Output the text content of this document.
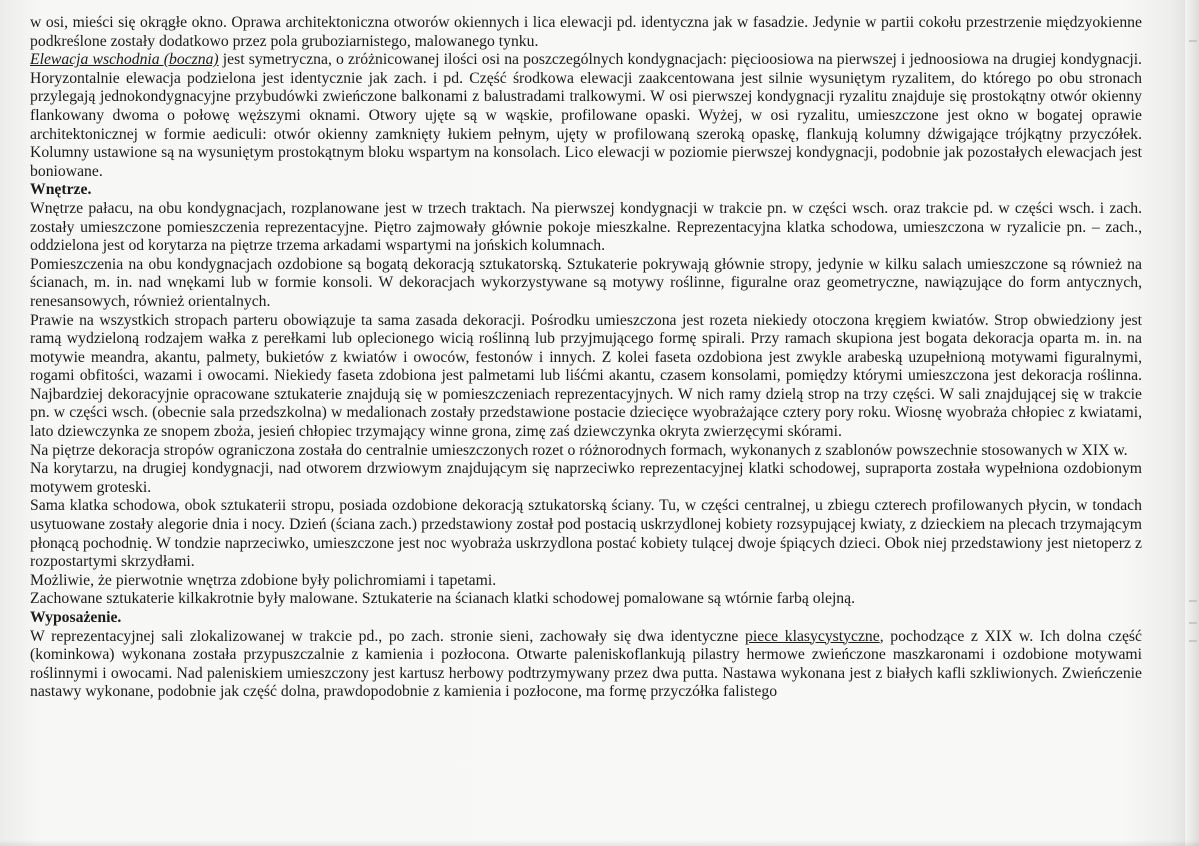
w osi, mieści się okrągłe okno. Oprawa architektoniczna otworów okiennych i lica elewacji pd. identyczna jak w fasadzie. Jedynie w partii cokołu przestrzenie międzyokienne podkreślone zostały dodatkowo przez pola gruboziarnistego, malowanego tynku.

Elewacja wschodnia (boczna) jest symetryczna, o zróżnicowanej ilości osi na poszczególnych kondygnacjach: pięcioosiowa na pierwszej i jednoosiowa na drugiej kondygnacji. Horyzontalnie elewacja podzielona jest identycznie jak zach. i pd. Część środkowa elewacji zaakcentowana jest silnie wysuniętym ryzalitem, do którego po obu stronach przylegają jednokondygnacyjne przybudówki zwieńczone balkonami z balustradami tralkowymi. W osi pierwszej kondygnacji ryzalitu znajduje się prostokątny otwór okienny flankowany dwoma o połowę węższymi oknami. Otwory ujęte są w wąskie, profilowane opaski. Wyżej, w osi ryzalitu, umieszczone jest okno w bogatej oprawie architektonicznej w formie aediculi: otwór okienny zamknięty łukiem pełnym, ujęty w profilowaną szeroką opaskę, flankują kolumny dźwigające trójkątny przyczółek. Kolumny ustawione są na wysuniętym prostokątnym bloku wspartym na konsolach. Lico elewacji w poziomie pierwszej kondygnacji, podobnie jak pozostałych elewacjach jest boniowane.

Wnętrze.

Wnętrze pałacu, na obu kondygnacjach, rozplanowane jest w trzech traktach. Na pierwszej kondygnacji w trakcie pn. w części wsch. oraz trakcie pd. w części wsch. i zach. zostały umieszczone pomieszczenia reprezentacyjne. Piętro zajmowały głównie pokoje mieszkalne. Reprezentacyjna klatka schodowa, umieszczona w ryzalicie pn. – zach., oddzielona jest od korytarza na piętrze trzema arkadami wspartymi na jońskich kolumnach.

Pomieszczenia na obu kondygnacjach ozdobione są bogatą dekoracją sztukatorską. Sztukaterie pokrywają głównie stropy, jedynie w kilku salach umieszczone są również na ścianach, m. in. nad wnękami lub w formie konsoli. W dekoracjach wykorzystywane są motywy roślinne, figuralne oraz geometryczne, nawiązujące do form antycznych, renesansowych, również orientalnych.

Prawie na wszystkich stropach parteru obowiązuje ta sama zasada dekoracji. Pośrodku umieszczona jest rozeta niekiedy otoczona kręgiem kwiatów. Strop obwiedziony jest ramą wydzieloną rodzajem wałka z perełkami lub oplecionego wicią roślinną lub przyjmującego formę spirali. Przy ramach skupiona jest bogata dekoracja oparta m. in. na motywie meandra, akantu, palmety, bukietów z kwiatów i owoców, festonów i innych. Z kolei faseta ozdobiona jest zwykle arabeską uzupełnioną motywami figuralnymi, rogami obfitości, wazami i owocami. Niekiedy faseta zdobiona jest palmetami lub liśćmi akantu, czasem konsolami, pomiędzy którymi umieszczona jest dekoracja roślinna. Najbardziej dekoracyjnie opracowane sztukaterie znajdują się w pomieszczeniach reprezentacyjnych. W nich ramy dzielą strop na trzy części. W sali znajdującej się w trakcie pn. w części wsch. (obecnie sala przedszkolna) w medalionach zostały przedstawione postacie dziecięce wyobrażające cztery pory roku. Wiosnę wyobraża chłopiec z kwiatami, lato dziewczynka ze snopem zboża, jesień chłopiec trzymający winne grona, zimę zaś dziewczynka okryta zwierzęcymi skórami.

Na piętrze dekoracja stropów ograniczona została do centralnie umieszczonych rozet o różnorodnych formach, wykonanych z szablonów powszechnie stosowanych w XIX w.

Na korytarzu, na drugiej kondygnacji, nad otworem drzwiowym znajdującym się naprzeciwko reprezentacyjnej klatki schodowej, supraporta została wypełniona ozdobionym motywem groteski.

Sama klatka schodowa, obok sztukaterii stropu, posiada ozdobione dekoracją sztukatorską ściany. Tu, w części centralnej, u zbiegu czterech profilowanych płycin, w tondach usytuowane zostały alegorie dnia i nocy. Dzień (ściana zach.) przedstawiony został pod postacią uskrzydlonej kobiety rozsypującej kwiaty, z dzieckiem na plecach trzymającym płonącą pochodnię. W tondzie naprzeciwko, umieszczone jest noc wyobraża uskrzydlona postać kobiety tulącej dwoje śpiących dzieci. Obok niej przedstawiony jest nietoperz z rozpostartymi skrzydłami.

Możliwie, że pierwotnie wnętrza zdobione były polichromiami i tapetami.

Zachowane sztukaterie kilkakrotnie były malowane. Sztukaterie na ścianach klatki schodowej pomalowane są wtórnie farbą olejną.

Wyposażenie.

W reprezentacyjnej sali zlokalizowanej w trakcie pd., po zach. stronie sieni, zachowały się dwa identyczne piece klasycystyczne, pochodzące z XIX w. Ich dolna część (kominkowa) wykonana została przypuszczalnie z kamienia i pozłocona. Otwarte paleniskoflankują pilastry hermowe zwieńczone maszkaronami i ozdobione motywami roślinnymi i owocami. Nad paleniskiem umieszczony jest kartusz herbowy podtrzymywany przez dwa putta. Nastawa wykonana jest z białych kafli szkliwionych. Zwieńczenie nastawy wykonane, podobnie jak część dolna, prawdopodobnie z kamienia i pozłocone, ma formę przyczółka falistego
